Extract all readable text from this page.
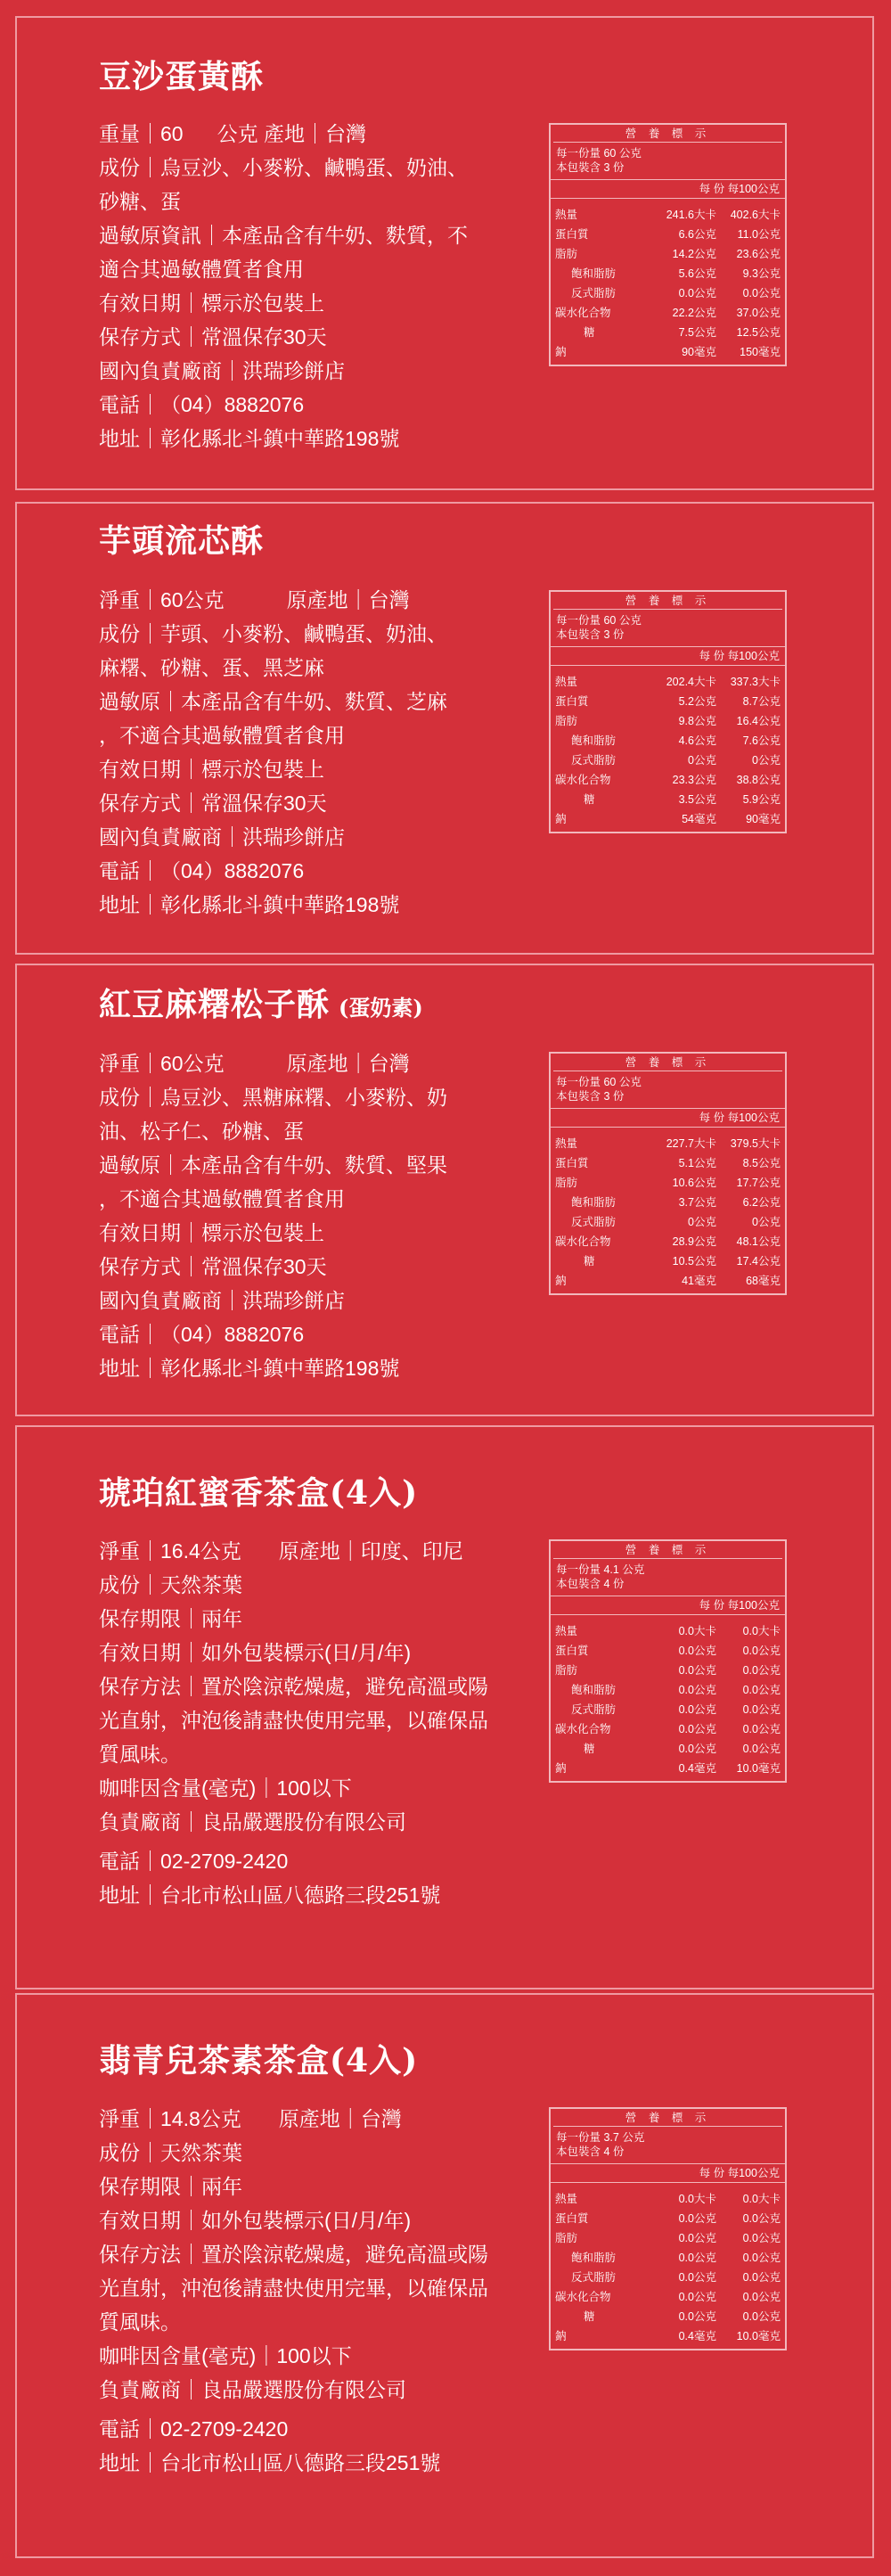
豆沙蛋黃酥
重量｜60 公克 產地｜台灣
成份｜烏豆沙、小麥粉、鹹鴨蛋、奶油、
砂糖、蛋
過敏原資訊｜本產品含有牛奶、麩質，不
適合其過敏體質者食用
有效日期｜標示於包裝上
保存方式｜常溫保存30天
國內負責廠商｜洪瑞珍餅店
電話｜（04）8882076
地址｜彰化縣北斗鎮中華路198號
營 養 標 示
每一份量 60 公克
本包裝含 3 份
每 份 每100公克
熱量	241.6大卡	402.6大卡
蛋白質	6.6公克	11.0公克
脂肪	14.2公克	23.6公克
飽和脂肪	5.6公克	9.3公克
反式脂肪	0.0公克	0.0公克
碳水化合物	22.2公克	37.0公克
糖	7.5公克	12.5公克
鈉	90毫克	150毫克
芋頭流芯酥
淨重｜60公克	原產地｜台灣
成份｜芋頭、小麥粉、鹹鴨蛋、奶油、
麻糬、砂糖、蛋、黑芝麻
過敏原｜本產品含有牛奶、麩質、芝麻
，不適合其過敏體質者食用
有效日期｜標示於包裝上
保存方式｜常溫保存30天
國內負責廠商｜洪瑞珍餅店
電話｜（04）8882076
地址｜彰化縣北斗鎮中華路198號
營 養 標 示
每一份量 60 公克
本包裝含 3 份
每 份 每100公克
熱量	202.4大卡	337.3大卡
蛋白質	5.2公克	8.7公克
脂肪	9.8公克	16.4公克
飽和脂肪	4.6公克	7.6公克
反式脂肪	0公克	0公克
碳水化合物	23.3公克	38.8公克
糖	3.5公克	5.9公克
鈉	54毫克	90毫克
紅豆麻糬松子酥 (蛋奶素)
淨重｜60公克	原產地｜台灣
成份｜烏豆沙、黑糖麻糬、小麥粉、奶
油、松子仁、砂糖、蛋
過敏原｜本產品含有牛奶、麩質、堅果
，不適合其過敏體質者食用
有效日期｜標示於包裝上
保存方式｜常溫保存30天
國內負責廠商｜洪瑞珍餅店
電話｜（04）8882076
地址｜彰化縣北斗鎮中華路198號
營 養 標 示
每一份量 60 公克
本包裝含 3 份
每 份 每100公克
熱量	227.7大卡	379.5大卡
蛋白質	5.1公克	8.5公克
脂肪	10.6公克	17.7公克
飽和脂肪	3.7公克	6.2公克
反式脂肪	0公克	0公克
碳水化合物	28.9公克	48.1公克
糖	10.5公克	17.4公克
鈉	41毫克	68毫克
琥珀紅蜜香茶盒(4入)
淨重｜16.4公克 原產地｜印度、印尼
成份｜天然茶葉
保存期限｜兩年
有效日期｜如外包裝標示(日/月/年)
保存方法｜置於陰涼乾燥處，避免高溫或陽
光直射，沖泡後請盡快使用完畢，以確保品
質風味。
咖啡因含量(毫克)｜100以下
負責廠商｜良品嚴選股份有限公司
電話｜02-2709-2420
地址｜台北市松山區八德路三段251號
營 養 標 示
每一份量 4.1 公克
本包裝含 4 份
每 份 每100公克
熱量	0.0大卡	0.0大卡
蛋白質	0.0公克	0.0公克
脂肪	0.0公克	0.0公克
飽和脂肪	0.0公克	0.0公克
反式脂肪	0.0公克	0.0公克
碳水化合物	0.0公克	0.0公克
糖	0.0公克	0.0公克
鈉	0.4毫克	10.0毫克
翡青兒茶素茶盒(4入)
淨重｜14.8公克 原產地｜台灣
成份｜天然茶葉
保存期限｜兩年
有效日期｜如外包裝標示(日/月/年)
保存方法｜置於陰涼乾燥處，避免高溫或陽
光直射，沖泡後請盡快使用完畢，以確保品
質風味。
咖啡因含量(毫克)｜100以下
負責廠商｜良品嚴選股份有限公司
電話｜02-2709-2420
地址｜台北市松山區八德路三段251號
營 養 標 示
每一份量 3.7 公克
本包裝含 4 份
每 份 每100公克
熱量	0.0大卡	0.0大卡
蛋白質	0.0公克	0.0公克
脂肪	0.0公克	0.0公克
飽和脂肪	0.0公克	0.0公克
反式脂肪	0.0公克	0.0公克
碳水化合物	0.0公克	0.0公克
糖	0.0公克	0.0公克
鈉	0.4毫克	10.0毫克
